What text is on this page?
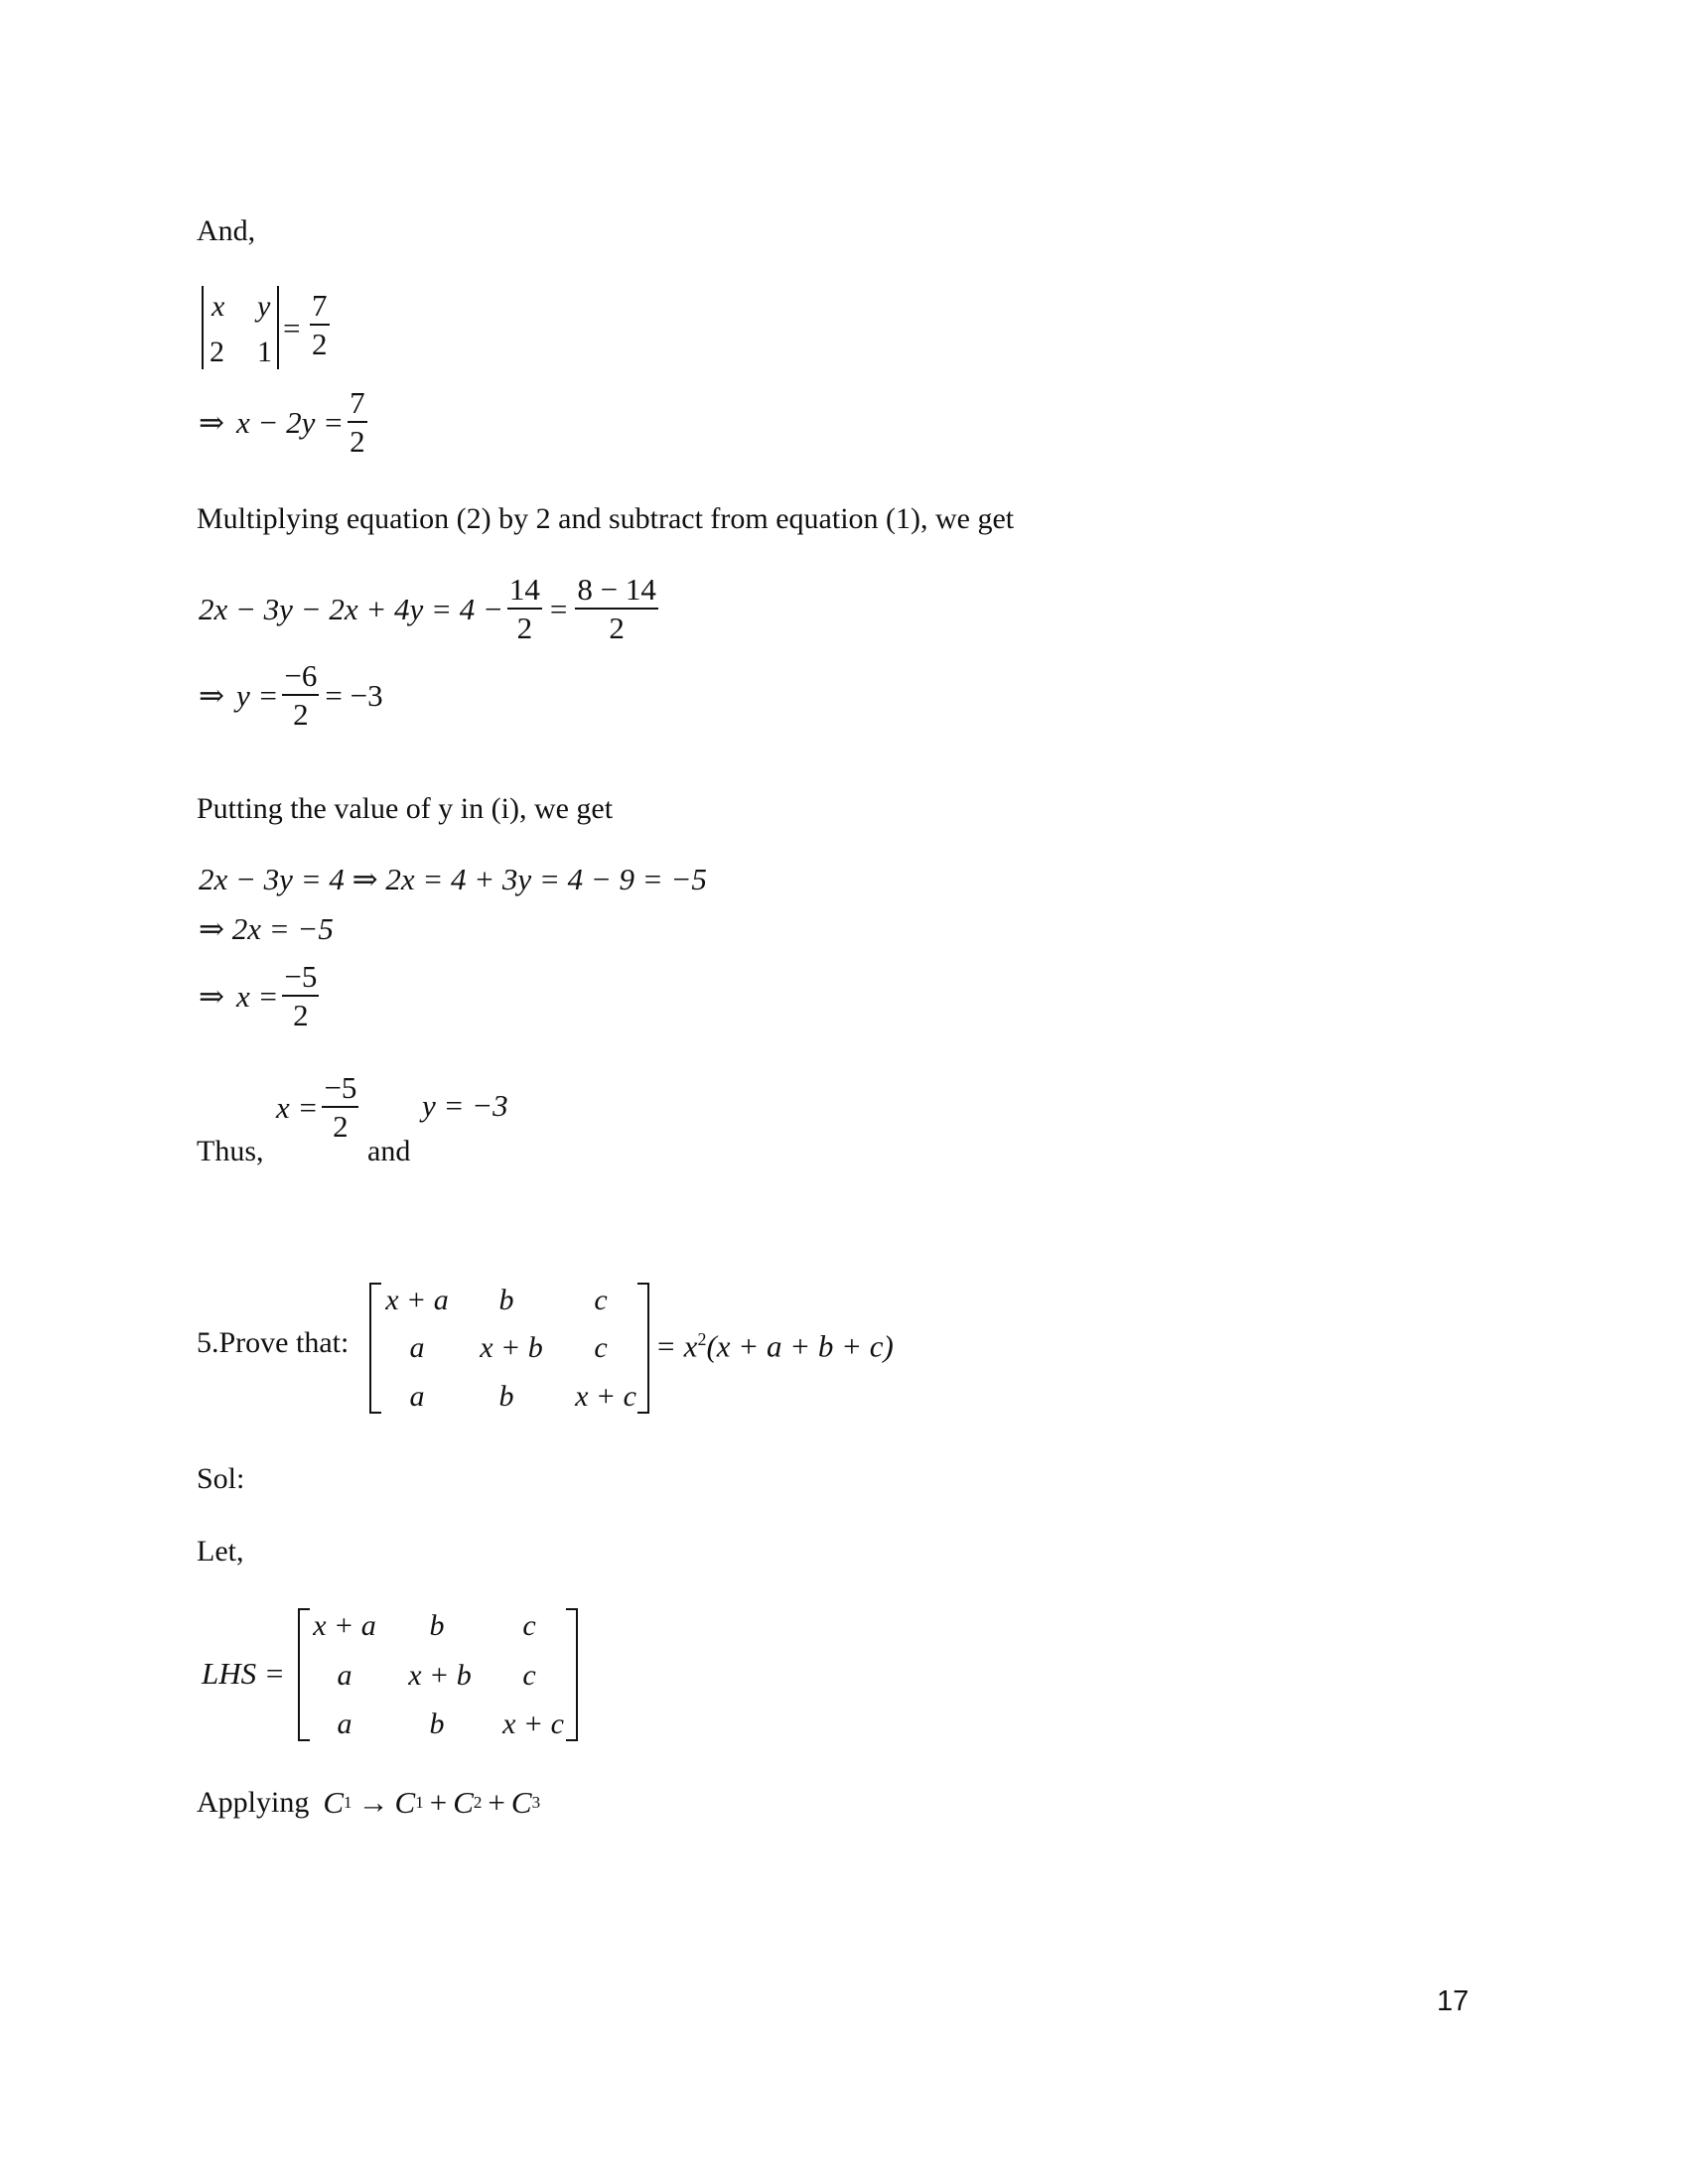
And,
x y
2 1
= $\frac{7}{2}$
⇒ $x - 2y = \frac{7}{2}$
Multiplying equation (2) by 2 and subtract from equation (1), we get
$2x - 3y - 2x + 4y = 4 - \frac{14}{2} = \frac{8 - 14}{2}$
⇒ $y = \frac{-6}{2} = -3$
Putting the value of y in (i), we get
2x − 3y = 4 ⇒ 2x = 4 + 3y = 4 − 9 = −5
⇒ 2x = −5
⇒ $x = \frac{-5}{2}$
Thus,
$x = \frac{-5}{2}$
and
y = −3
5.Prove that:
x + a	b	c
a	x + b	c
a	b	x + c
= $x^2(x + a + b + c)$
Sol:
Let,
LHS =
x + a	b	c
a	x + b	c
a	b	x + c
Applying C 1 → C 1 + C 2 + C 3
17
